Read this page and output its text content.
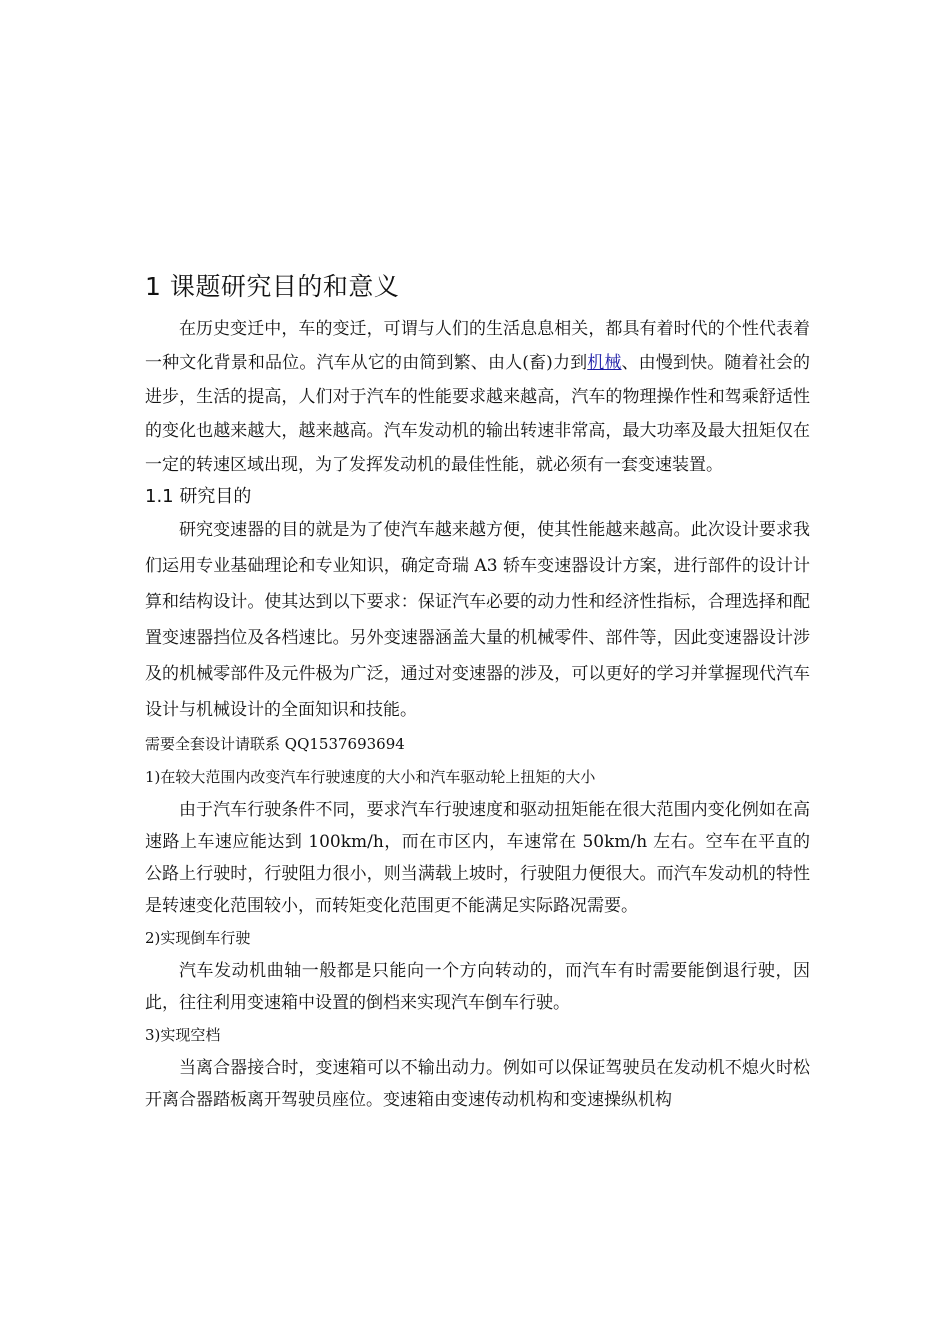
1 课题研究目的和意义

在历史变迁中，车的变迁，可谓与人们的生活息息相关，都具有着时代的个性代表着一种文化背景和品位。汽车从它的由简到繁、由人(畜)力到机械、由慢到快。随着社会的进步，生活的提高，人们对于汽车的性能要求越来越高，汽车的物理操作性和驾乘舒适性的变化也越来越大，越来越高。汽车发动机的输出转速非常高，最大功率及最大扭矩仅在一定的转速区域出现，为了发挥发动机的最佳性能，就必须有一套变速装置。

1.1 研究目的

研究变速器的目的就是为了使汽车越来越方便，使其性能越来越高。此次设计要求我们运用专业基础理论和专业知识，确定奇瑞 A3 轿车变速器设计方案，进行部件的设计计算和结构设计。使其达到以下要求：保证汽车必要的动力性和经济性指标，合理选择和配置变速器挡位及各档速比。另外变速器涵盖大量的机械零件、部件等，因此变速器设计涉及的机械零部件及元件极为广泛，通过对变速器的涉及，可以更好的学习并掌握现代汽车设计与机械设计的全面知识和技能。

需要全套设计请联系 QQ1537693694

1)在较大范围内改变汽车行驶速度的大小和汽车驱动轮上扭矩的大小

由于汽车行驶条件不同，要求汽车行驶速度和驱动扭矩能在很大范围内变化例如在高速路上车速应能达到 100km/h，而在市区内，车速常在 50km/h 左右。空车在平直的公路上行驶时，行驶阻力很小，则当满载上坡时，行驶阻力便很大。而汽车发动机的特性是转速变化范围较小，而转矩变化范围更不能满足实际路况需要。

2)实现倒车行驶

汽车发动机曲轴一般都是只能向一个方向转动的，而汽车有时需要能倒退行驶，因此，往往利用变速箱中设置的倒档来实现汽车倒车行驶。

3)实现空档

当离合器接合时，变速箱可以不输出动力。例如可以保证驾驶员在发动机不熄火时松开离合器踏板离开驾驶员座位。变速箱由变速传动机构和变速操纵机构
